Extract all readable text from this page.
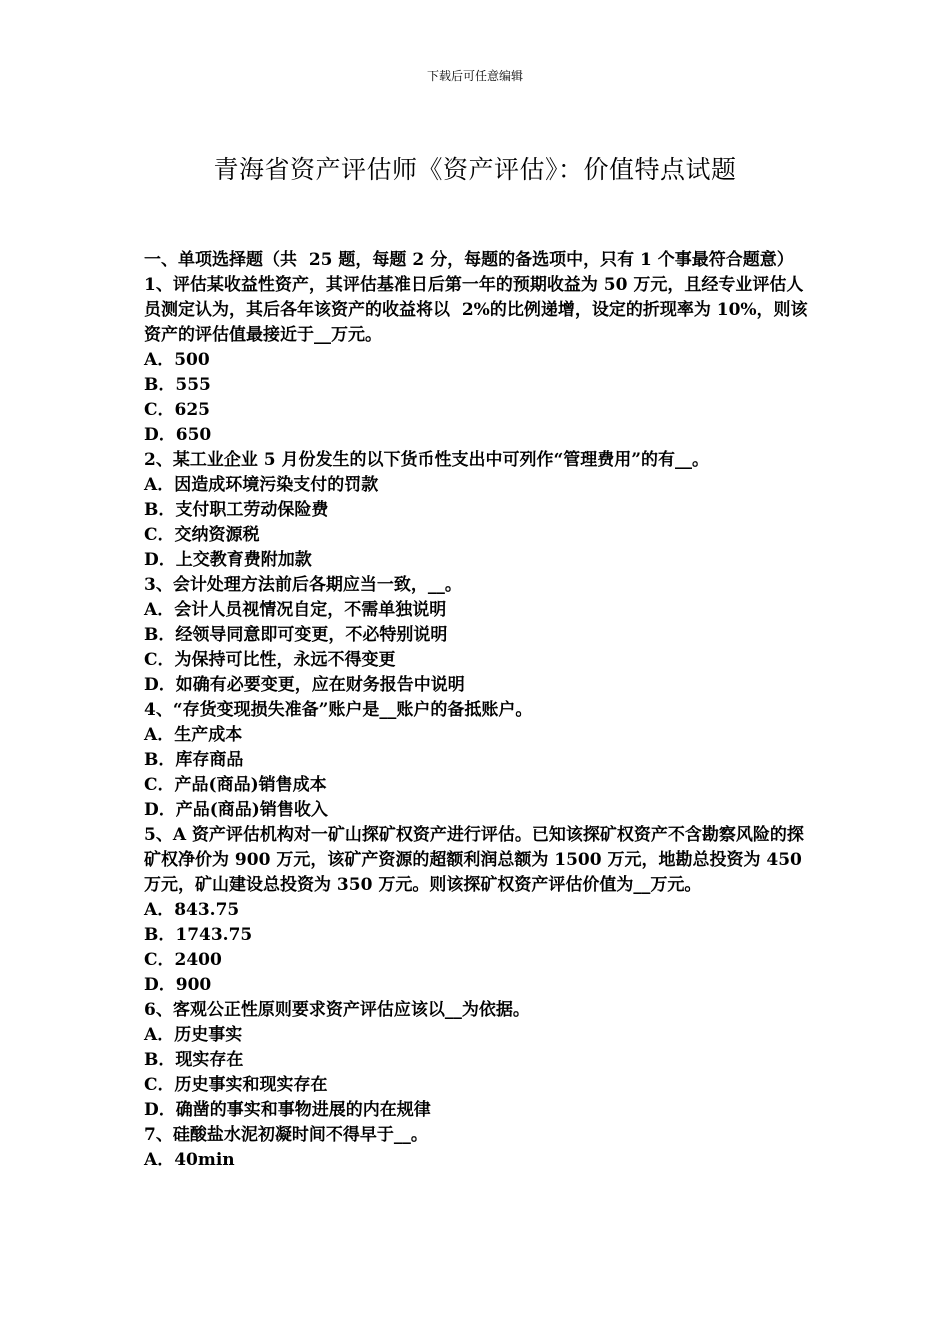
下载后可任意编辑
青海省资产评估师《资产评估》：价值特点试题
一、单项选择题（共  25 题，每题 2 分，每题的备选项中，只有 1 个事最符合题意）
1、评估某收益性资产，其评估基准日后第一年的预期收益为 50 万元，且经专业评估人员测定认为，其后各年该资产的收益将以  2%的比例递增，设定的折现率为 10%，则该资产的评估值最接近于__万元。
A．500
B．555
C．625
D．650
2、某工业企业 5 月份发生的以下货币性支出中可列作“管理费用”的有__。
A．因造成环境污染支付的罚款
B．支付职工劳动保险费
C．交纳资源税
D．上交教育费附加款
3、会计处理方法前后各期应当一致，__。
A．会计人员视情况自定，不需单独说明
B．经领导同意即可变更，不必特别说明
C．为保持可比性，永远不得变更
D．如确有必要变更，应在财务报告中说明
4、“存货变现损失准备”账户是__账户的备抵账户。
A．生产成本
B．库存商品
C．产品(商品)销售成本
D．产品(商品)销售收入
5、A 资产评估机构对一矿山探矿权资产进行评估。已知该探矿权资产不含勘察风险的探矿权净价为 900 万元，该矿产资源的超额利润总额为 1500 万元，地勘总投资为 450 万元，矿山建设总投资为 350 万元。则该探矿权资产评估价值为__万元。
A．843.75
B．1743.75
C．2400
D．900
6、客观公正性原则要求资产评估应该以__为依据。
A．历史事实
B．现实存在
C．历史事实和现实存在
D．确凿的事实和事物进展的内在规律
7、硅酸盐水泥初凝时间不得早于__。
A．40min
